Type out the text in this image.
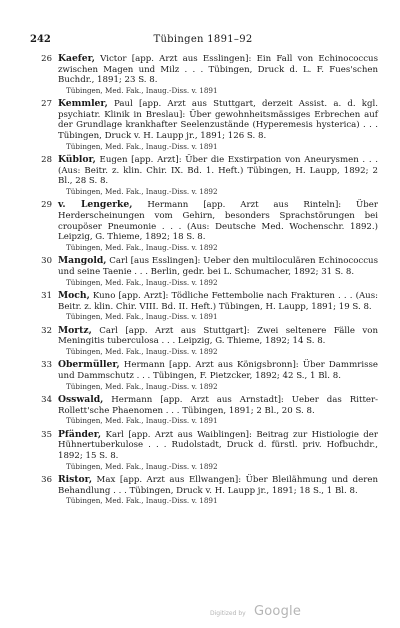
242	Tübingen 1891–92
26 Kaefer, Victor [app. Arzt aus Esslingen]: Ein Fall von Echinococcus zwischen Magen und Milz . . . Tübingen, Druck d. L. F. Fues'schen Buchdr., 1891; 23 S. 8.
Tübingen, Med. Fak., Inaug.-Diss. v. 1891
27 Kemmler, Paul [app. Arzt aus Stuttgart, derzeit Assist. a. d. kgl. psychiatr. Klinik in Breslau]: Über gewohnheitsmässiges Erbrechen auf der Grundlage krankhafter Seelenzustände (Hyperemesis hysterica) . . . Tübingen, Druck v. H. Laupp jr., 1891; 126 S. 8.
Tübingen, Med. Fak., Inaug.-Diss. v. 1891
28 Küblor, Eugen [app. Arzt]: Über die Exstirpation von Aneurysmen . . . (Aus: Beitr. z. klin. Chir. IX. Bd. 1. Heft.) Tübingen, H. Laupp, 1892; 2 Bl., 28 S. 8.
Tübingen, Med. Fak., Inaug.-Diss. v. 1892
29 v. Lengerke, Hermann [app. Arzt aus Rinteln]: Über Herderscheinungen vom Gehirn, besonders Sprachstörungen bei croupöser Pneumonie . . . (Aus: Deutsche Med. Wochenschr. 1892.) Leipzig, G. Thieme, 1892; 18 S. 8.
Tübingen, Med. Fak., Inaug.-Diss. v. 1892
30 Mangold, Carl [aus Esslingen]: Ueber den multiloculären Echinococcus und seine Taenie . . . Berlin, gedr. bei L. Schumacher, 1892; 31 S. 8.
Tübingen, Med. Fak., Inaug.-Diss. v. 1892
31 Moch, Kuno [app. Arzt]: Tödliche Fettembolie nach Frakturen . . . (Aus: Beitr. z. klin. Chir. VIII. Bd. II. Heft.) Tübingen, H. Laupp, 1891; 19 S. 8.
Tübingen, Med. Fak., Inaug.-Diss. v. 1891
32 Mortz, Carl [app. Arzt aus Stuttgart]: Zwei seltenere Fälle von Meningitis tuberculosa . . . Leipzig, G. Thieme, 1892; 14 S. 8.
Tübingen, Med. Fak., Inaug.-Diss. v. 1892
33 Obermüller, Hermann [app. Arzt aus Königsbronn]: Über Dammrisse und Dammschutz . . . Tübingen, F. Pietzcker, 1892; 42 S., 1 Bl. 8.
Tübingen, Med. Fak., Inaug.-Diss. v. 1892
34 Osswald, Hermann [app. Arzt aus Arnstadt]: Ueber das Ritter-Rollett'sche Phaenomen . . . Tübingen, 1891; 2 Bl., 20 S. 8.
Tübingen, Med. Fak., Inaug.-Diss. v. 1891
35 Pfänder, Karl [app. Arzt aus Waiblingen]: Beitrag zur Histiologie der Hühnertuberkulose . . . Rudolstadt, Druck d. fürstl. priv. Hofbuchdr., 1892; 15 S. 8.
Tübingen, Med. Fak., Inaug.-Diss. v. 1892
36 Ristor, Max [app. Arzt aus Ellwangen]: Über Bleilähmung und deren Behandlung . . . Tübingen, Druck v. H. Laupp jr., 1891; 18 S., 1 Bl. 8.
Tübingen, Med. Fak., Inaug.-Diss. v. 1891
Digitized by Google
